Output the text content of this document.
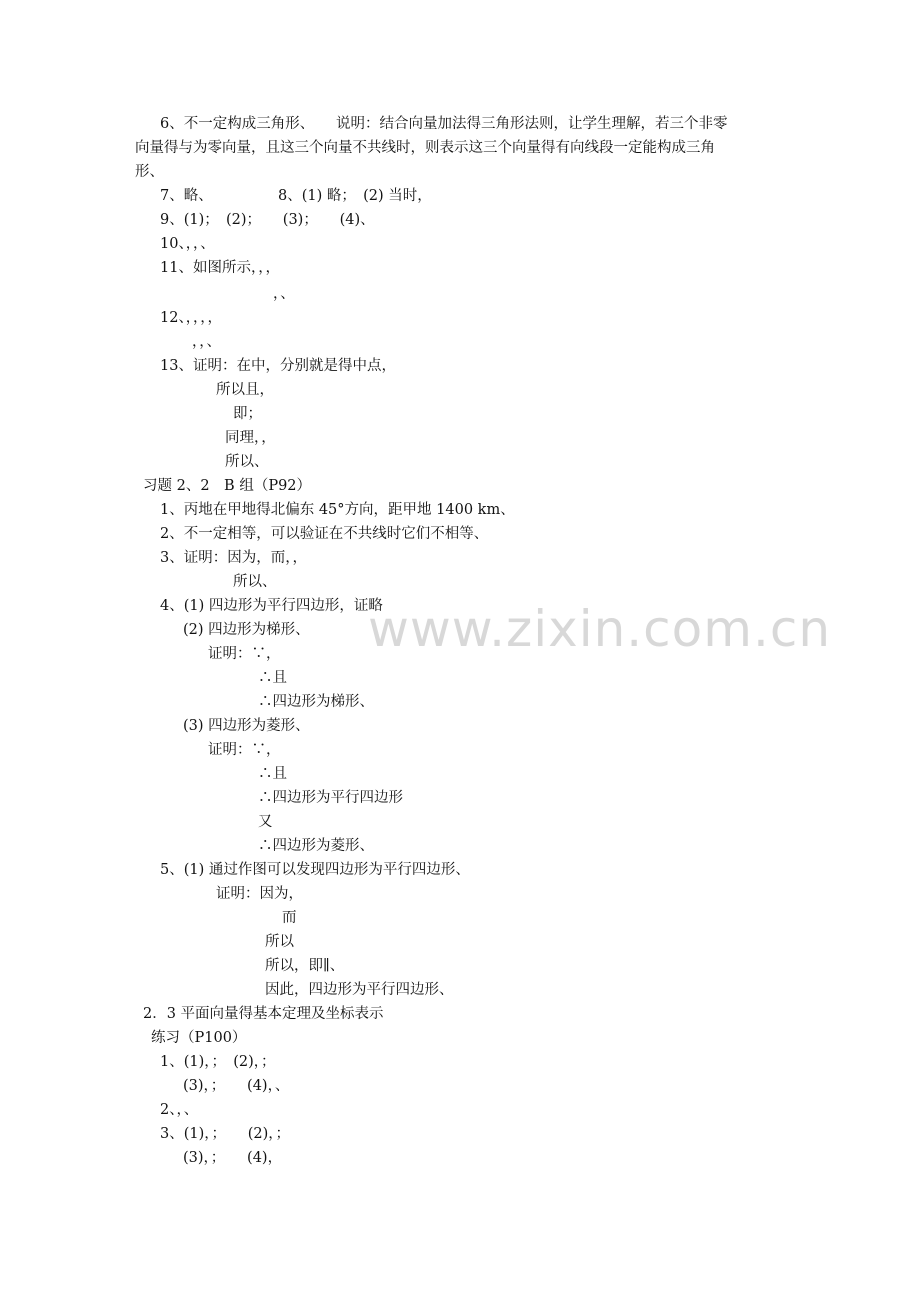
www.zixin.com.cn
6、不一定构成三角形、　　说明：结合向量加法得三角形法则，让学生理解，若三个非零
向量得与为零向量，且这三个向量不共线时，则表示这三个向量得有向线段一定能构成三角
形、
7、略、　　　　　8、(1) 略；　(2) 当时，
9、(1)；　(2)；　　(3)；　　(4)、
10、，，、
11、如图所示，，，
，、
12、，，，，
，，、
13、证明：在中，分别就是得中点，
所以且，
即；
同理，，
所以、
习题 2、2　B 组（P92）
1、丙地在甲地得北偏东 45°方向，距甲地 1400 km、
2、不一定相等，可以验证在不共线时它们不相等、
3、证明：因为，而，，
所以、
4、(1) 四边形为平行四边形，证略
(2) 四边形为梯形、
证明：∵，
∴且
∴四边形为梯形、
(3) 四边形为菱形、
证明：∵，
∴且
∴四边形为平行四边形
又
∴四边形为菱形、
5、(1) 通过作图可以发现四边形为平行四边形、
证明：因为，
而
所以
所以，即∥、
因此，四边形为平行四边形、
2．3 平面向量得基本定理及坐标表示
练习（P100）
1、(1)，；　(2)，；
(3)，；　　(4)，、
2、，、
3、(1)，；　　(2)，；
(3)，；　　(4)，
